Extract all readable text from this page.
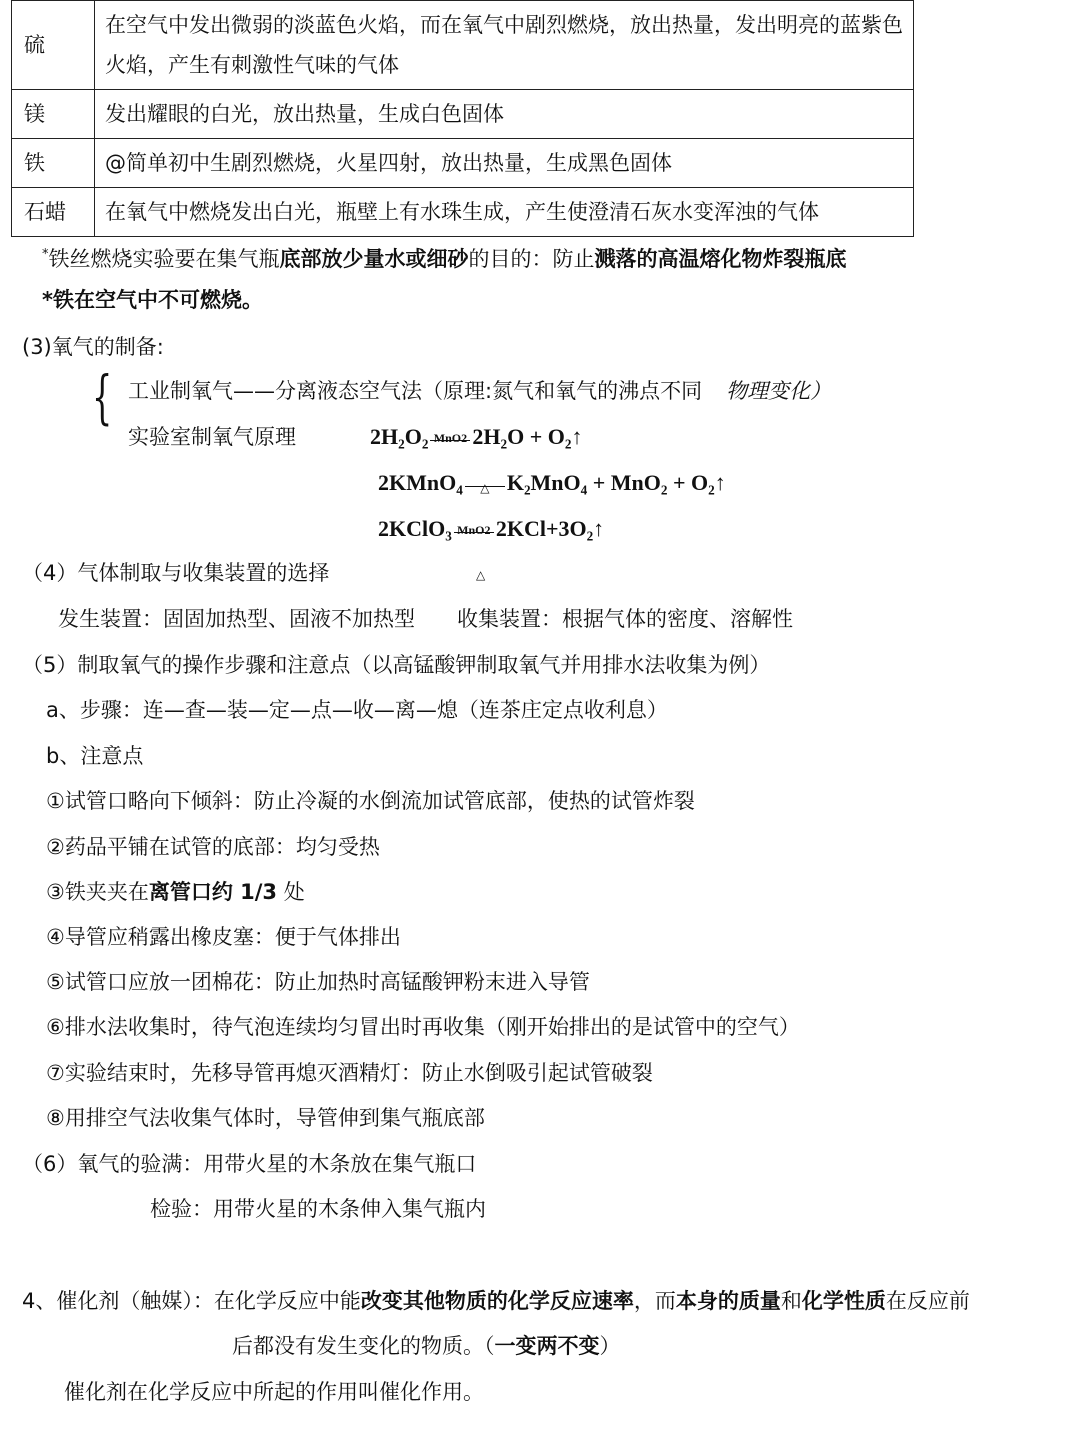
硫	在空气中发出微弱的淡蓝色火焰，而在氧气中剧烈燃烧，放出热量，发出明亮的蓝紫色火焰，产生有刺激性气味的气体
镁	发出耀眼的白光，放出热量，生成白色固体
铁	@简单初中生剧烈燃烧，火星四射，放出热量，生成黑色固体
石蜡	在氧气中燃烧发出白光，瓶壁上有水珠生成，产生使澄清石灰水变浑浊的气体
*铁丝燃烧实验要在集气瓶底部放少量水或细砂的目的：防止溅落的高温熔化物炸裂瓶底
*铁在空气中不可燃烧。
(3)氧气的制备:
{ 工业制氧气——分离液态空气法（原理:氮气和氧气的沸点不同 物理变化）
实验室制氧气原理	2H₂O₂ MnO2 2H₂O + O₂↑
2KMnO₄	△ K₂MnO₄ + MnO₂ + O₂↑
2KClO₃ MnO2 2KCl+3O₂↑
（4）气体制取与收集装置的选择	△
发生装置：固固加热型、固液不加热型　　收集装置：根据气体的密度、溶解性
（5）制取氧气的操作步骤和注意点（以高锰酸钾制取氧气并用排水法收集为例）
a、步骤：连—查—装—定—点—收—离—熄（连茶庄定点收利息）
b、注意点
①试管口略向下倾斜：防止冷凝的水倒流加试管底部，使热的试管炸裂
②药品平铺在试管的底部：均匀受热
③铁夹夹在离管口约 1/3 处
④导管应稍露出橡皮塞：便于气体排出
⑤试管口应放一团棉花：防止加热时高锰酸钾粉末进入导管
⑥排水法收集时，待气泡连续均匀冒出时再收集（刚开始排出的是试管中的空气）
⑦实验结束时，先移导管再熄灭酒精灯：防止水倒吸引起试管破裂
⑧用排空气法收集气体时，导管伸到集气瓶底部
（6）氧气的验满：用带火星的木条放在集气瓶口
检验：用带火星的木条伸入集气瓶内
4、催化剂（触媒）：在化学反应中能改变其他物质的化学反应速率，而本身的质量和化学性质在反应前
后都没有发生变化的物质。（一变两不变）
催化剂在化学反应中所起的作用叫催化作用。
